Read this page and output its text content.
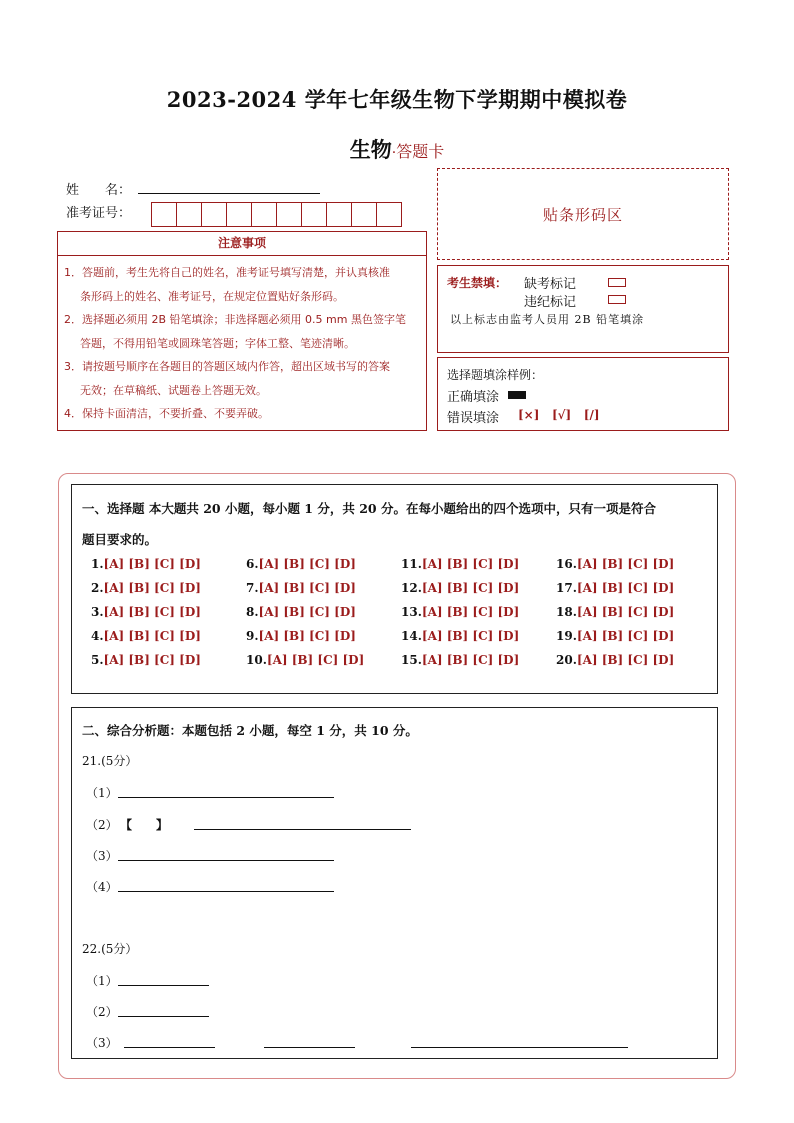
2023-2024 学年七年级生物下学期期中模拟卷
生物·答题卡
姓　　名：
准考证号：	贴条形码区
注意事项

1．答题前，考生先将自己的姓名，准考证号填写清楚，并认真核准

条形码上的姓名、准考证号，在规定位置贴好条形码。

2．选择题必须用 2B 铅笔填涂；非选择题必须用 0.5 mm 黑色签字笔

答题，不得用铅笔或圆珠笔答题；字体工整、笔迹清晰。

3．请按题号顺序在各题目的答题区域内作答，超出区域书写的答案

无效；在草稿纸、试题卷上答题无效。

4．保持卡面清洁，不要折叠、不要弄破。

考生禁填： 缺考标记
违纪标记
以上标志由监考人员用 2B 铅笔填涂
选择题填涂样例：
正确填涂
错误填涂 [×] [√] [/]
一、选择题 本大题共 20 小题，每小题 1 分，共 20 分。在每小题给出的四个选项中，只有一项是符合
题目要求的。
1.[A] [B] [C] [D]	6.[A] [B] [C] [D]	11.[A] [B] [C] [D]	16.[A] [B] [C] [D]
2.[A] [B] [C] [D]	7.[A] [B] [C] [D]	12.[A] [B] [C] [D]	17.[A] [B] [C] [D]
3.[A] [B] [C] [D]	8.[A] [B] [C] [D]	13.[A] [B] [C] [D]	18.[A] [B] [C] [D]
4.[A] [B] [C] [D]	9.[A] [B] [C] [D]	14.[A] [B] [C] [D]	19.[A] [B] [C] [D]
5.[A] [B] [C] [D]	10.[A] [B] [C] [D]	15.[A] [B] [C] [D]	20.[A] [B] [C] [D]
二、综合分析题：本题包括 2 小题，每空 1 分，共 10 分。
21.(5分）
（1）
（2） 【　　】
（3）
（4）
22.(5分）
（1）
（2）
（3）
